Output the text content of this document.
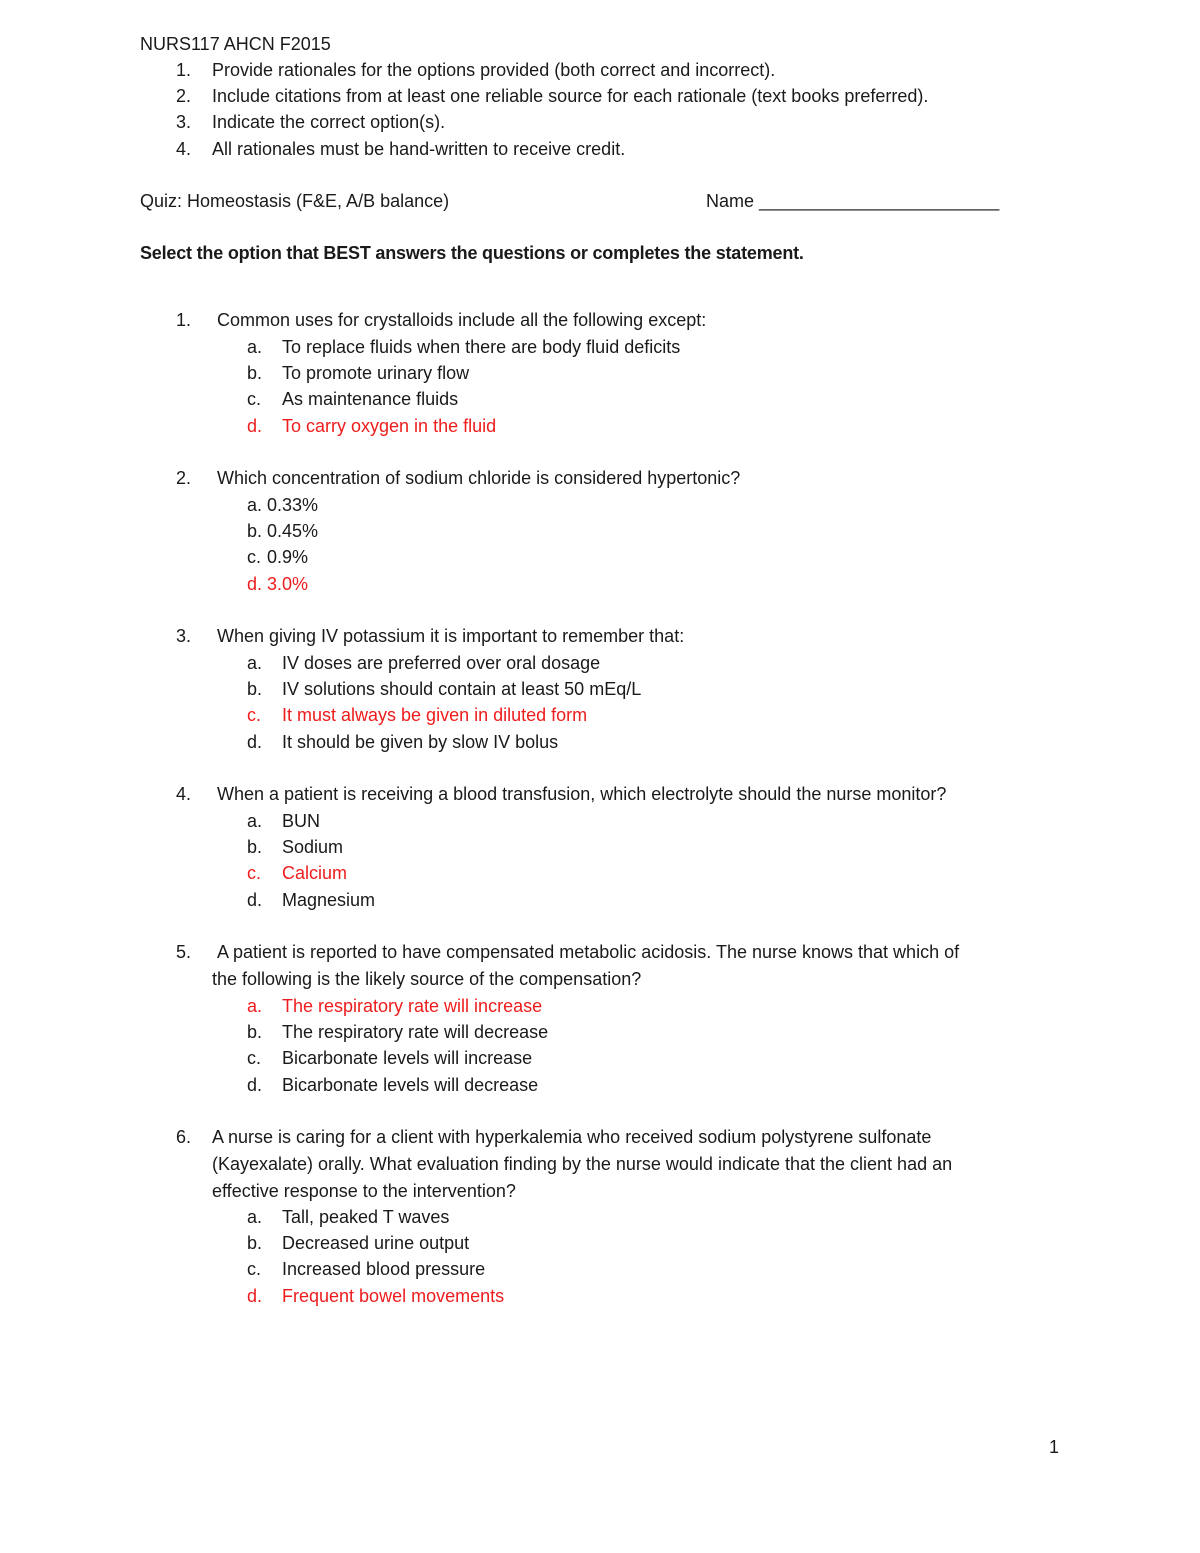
NURS117 AHCN F2015
1. Provide rationales for the options provided (both correct and incorrect).
2. Include citations from at least one reliable source for each rationale (text books preferred).
3. Indicate the correct option(s).
4. All rationales must be hand-written to receive credit.
Quiz: Homeostasis (F&E, A/B balance)	Name ________________________
Select the option that BEST answers the questions or completes the statement.
1. Common uses for crystalloids include all the following except:
a. To replace fluids when there are body fluid deficits
b. To promote urinary flow
c. As maintenance fluids
d. To carry oxygen in the fluid
2. Which concentration of sodium chloride is considered hypertonic?
a. 0.33%
b. 0.45%
c. 0.9%
d. 3.0%
3. When giving IV potassium it is important to remember that:
a. IV doses are preferred over oral dosage
b. IV solutions should contain at least 50 mEq/L
c. It must always be given in diluted form
d. It should be given by slow IV bolus
4. When a patient is receiving a blood transfusion, which electrolyte should the nurse monitor?
a. BUN
b. Sodium
c. Calcium
d. Magnesium
5. A patient is reported to have compensated metabolic acidosis. The nurse knows that which of
the following is the likely source of the compensation?
a. The respiratory rate will increase
b. The respiratory rate will decrease
c. Bicarbonate levels will increase
d. Bicarbonate levels will decrease
6. A nurse is caring for a client with hyperkalemia who received sodium polystyrene sulfonate
(Kayexalate) orally. What evaluation finding by the nurse would indicate that the client had an
effective response to the intervention?
a. Tall, peaked T waves
b. Decreased urine output
c. Increased blood pressure
d. Frequent bowel movements
1
